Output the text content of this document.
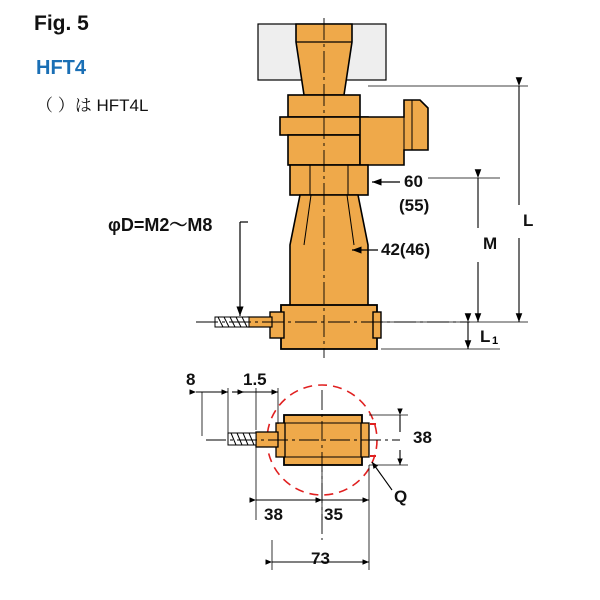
Fig. 5
HFT4
（ ）は HFT4L
φD=M2〜M8
60
(55)
42(46)
L
M
L 1
8	1.5
38
Q
38 35
73
